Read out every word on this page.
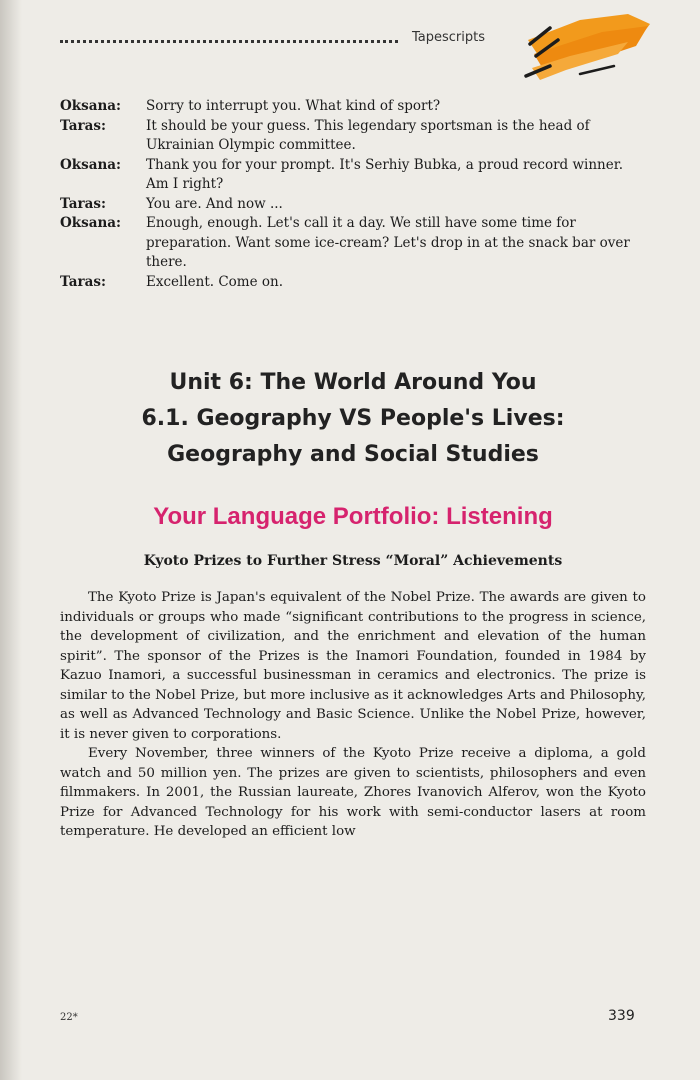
Tapescripts
Oksana:	Sorry to interrupt you. What kind of sport?
Taras:	It should be your guess. This legendary sportsman is the head of Ukrainian Olympic committee.
Oksana:	Thank you for your prompt. It's Serhiy Bubka, a proud record winner. Am I right?
Taras:	You are. And now ...
Oksana:	Enough, enough. Let's call it a day. We still have some time for preparation. Want some ice-cream? Let's drop in at the snack bar over there.
Taras:	Excellent. Come on.
Unit 6: The World Around You
6.1. Geography VS People's Lives:
Geography and Social Studies
Your Language Portfolio: Listening
Kyoto Prizes to Further Stress “Moral” Achievements

The Kyoto Prize is Japan's equivalent of the Nobel Prize. The awards are given to individuals or groups who made “significant contributions to the progress in science, the development of civilization, and the enrichment and elevation of the human spirit”. The sponsor of the Prizes is the Inamori Foundation, founded in 1984 by Kazuo Inamori, a successful businessman in ceramics and electronics. The prize is similar to the Nobel Prize, but more inclusive as it acknowledges Arts and Philosophy, as well as Advanced Technology and Basic Science. Unlike the Nobel Prize, however, it is never given to corporations.

Every November, three winners of the Kyoto Prize receive a diploma, a gold watch and 50 million yen. The prizes are given to scientists, philosophers and even filmmakers. In 2001, the Russian laureate, Zhores Ivanovich Alferov, won the Kyoto Prize for Advanced Technology for his work with semi-conductor lasers at room temperature. He developed an efficient low

22*	339
